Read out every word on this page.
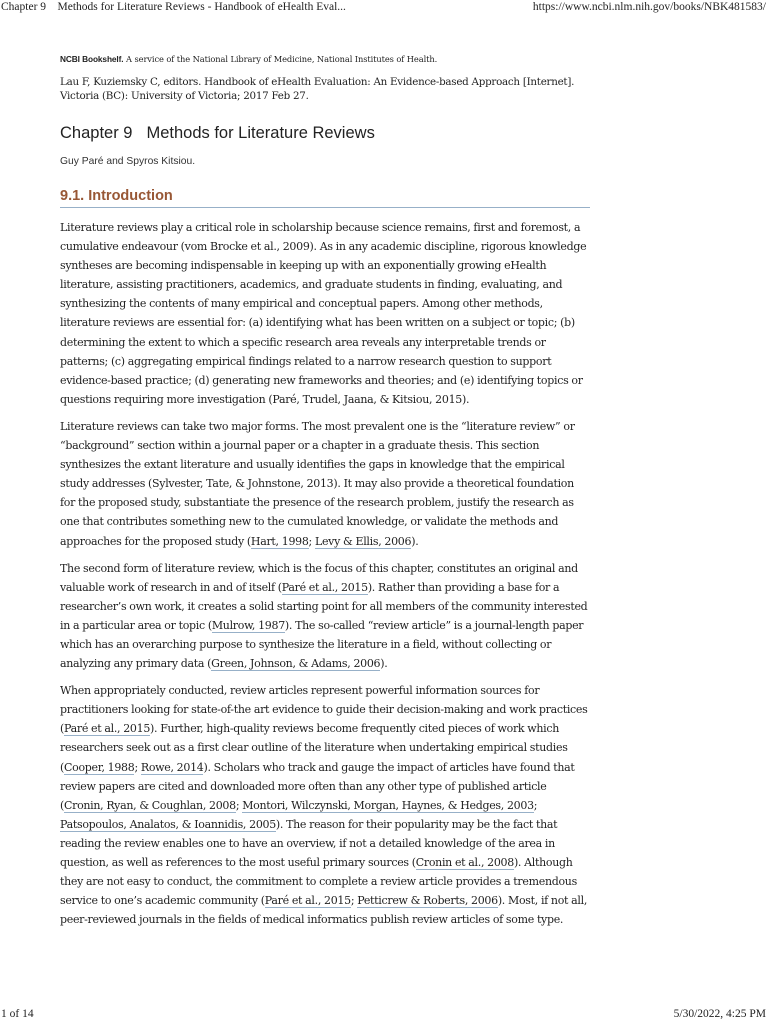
Chapter 9    Methods for Literature Reviews - Handbook of eHealth Eval...	https://www.ncbi.nlm.nih.gov/books/NBK481583/
NCBI Bookshelf. A service of the National Library of Medicine, National Institutes of Health.
Lau F, Kuziemsky C, editors. Handbook of eHealth Evaluation: An Evidence-based Approach [Internet]. Victoria (BC): University of Victoria; 2017 Feb 27.
Chapter 9 Methods for Literature Reviews
Guy Paré and Spyros Kitsiou.
9.1. Introduction

Literature reviews play a critical role in scholarship because science remains, first and foremost, a cumulative endeavour (vom Brocke et al., 2009). As in any academic discipline, rigorous knowledge syntheses are becoming indispensable in keeping up with an exponentially growing eHealth literature, assisting practitioners, academics, and graduate students in finding, evaluating, and synthesizing the contents of many empirical and conceptual papers. Among other methods, literature reviews are essential for: (a) identifying what has been written on a subject or topic; (b) determining the extent to which a specific research area reveals any interpretable trends or patterns; (c) aggregating empirical findings related to a narrow research question to support evidence-based practice; (d) generating new frameworks and theories; and (e) identifying topics or questions requiring more investigation (Paré, Trudel, Jaana, & Kitsiou, 2015).

Literature reviews can take two major forms. The most prevalent one is the “literature review” or “background” section within a journal paper or a chapter in a graduate thesis. This section synthesizes the extant literature and usually identifies the gaps in knowledge that the empirical study addresses (Sylvester, Tate, & Johnstone, 2013). It may also provide a theoretical foundation for the proposed study, substantiate the presence of the research problem, justify the research as one that contributes something new to the cumulated knowledge, or validate the methods and approaches for the proposed study (Hart, 1998; Levy & Ellis, 2006).

The second form of literature review, which is the focus of this chapter, constitutes an original and valuable work of research in and of itself (Paré et al., 2015). Rather than providing a base for a researcher’s own work, it creates a solid starting point for all members of the community interested in a particular area or topic (Mulrow, 1987). The so-called “review article” is a journal-length paper which has an overarching purpose to synthesize the literature in a field, without collecting or analyzing any primary data (Green, Johnson, & Adams, 2006).

When appropriately conducted, review articles represent powerful information sources for practitioners looking for state-of-the art evidence to guide their decision-making and work practices (Paré et al., 2015). Further, high-quality reviews become frequently cited pieces of work which researchers seek out as a first clear outline of the literature when undertaking empirical studies (Cooper, 1988; Rowe, 2014). Scholars who track and gauge the impact of articles have found that review papers are cited and downloaded more often than any other type of published article (Cronin, Ryan, & Coughlan, 2008; Montori, Wilczynski, Morgan, Haynes, & Hedges, 2003; Patsopoulos, Analatos, & Ioannidis, 2005). The reason for their popularity may be the fact that reading the review enables one to have an overview, if not a detailed knowledge of the area in question, as well as references to the most useful primary sources (Cronin et al., 2008). Although they are not easy to conduct, the commitment to complete a review article provides a tremendous service to one’s academic community (Paré et al., 2015; Petticrew & Roberts, 2006). Most, if not all, peer-reviewed journals in the fields of medical informatics publish review articles of some type.

1 of 14	5/30/2022, 4:25 PM
